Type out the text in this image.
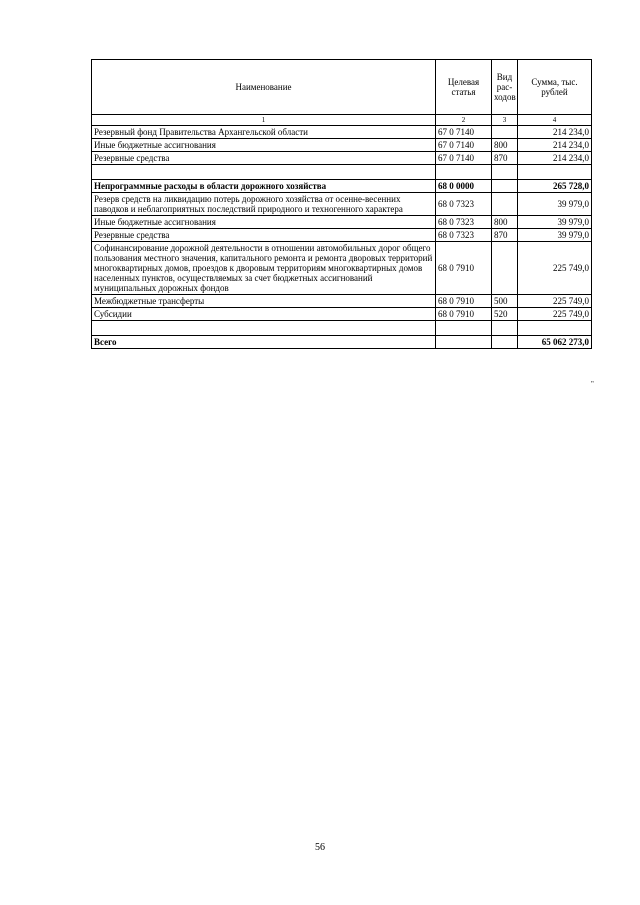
Наименование	Целевая статья	Вид рас-ходов	Сумма, тыс. рублей
1	2	3	4
Резервный фонд Правительства Архангельской области	67 0 7140		214 234,0
Иные бюджетные ассигнования	67 0 7140	800	214 234,0
Резервные средства	67 0 7140	870	214 234,0

Непрограммные расходы в области дорожного хозяйства	68 0 0000		265 728,0
Резерв средств на ликвидацию потерь дорожного хозяйства от осенне-весенних паводков и неблагоприятных последствий природного и техногенного характера	68 0 7323		39 979,0
Иные бюджетные ассигнования	68 0 7323	800	39 979,0
Резервные средства	68 0 7323	870	39 979,0
Софинансирование дорожной деятельности в отношении автомобильных дорог общего пользования местного значения, капитального ремонта и ремонта дворовых территорий многоквартирных домов, проездов к дворовым территориям многоквартирных домов населенных пунктов, осуществляемых за счет бюджетных ассигнований муниципальных дорожных фондов	68 0 7910		225 749,0
Межбюджетные трансферты	68 0 7910	500	225 749,0
Субсидии	68 0 7910	520	225 749,0

Всего			65 062 273,0
"
56
